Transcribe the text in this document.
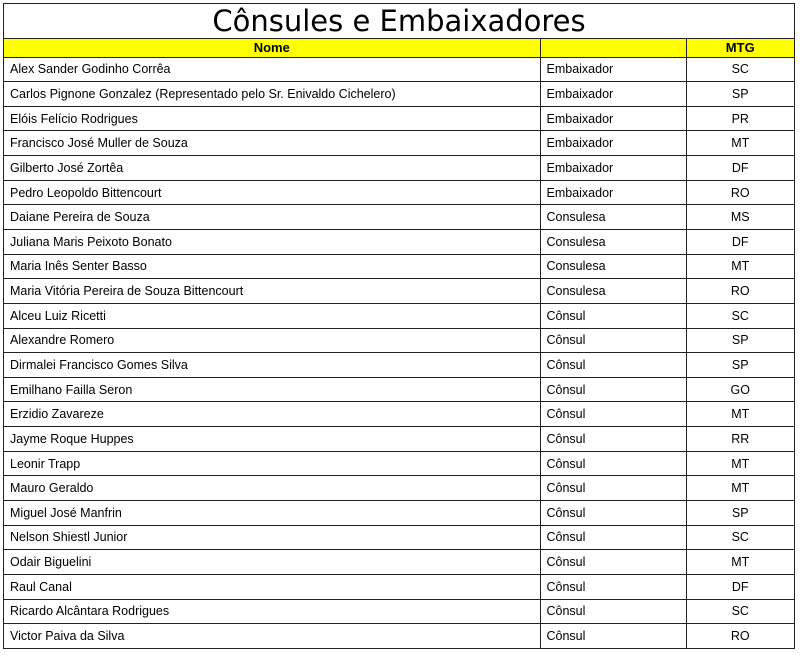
Cônsules e Embaixadores
Nome		MTG
Alex Sander Godinho Corrêa	Embaixador	SC
Carlos Pignone Gonzalez (Representado pelo Sr. Enivaldo Cichelero)	Embaixador	SP
Elóis Felício Rodrigues	Embaixador	PR
Francisco José Muller de Souza	Embaixador	MT
Gilberto José Zortêa	Embaixador	DF
Pedro Leopoldo Bittencourt	Embaixador	RO
Daiane Pereira de Souza	Consulesa	MS
Juliana Maris Peixoto Bonato	Consulesa	DF
Maria Inês Senter Basso	Consulesa	MT
Maria Vitória Pereira de Souza Bittencourt	Consulesa	RO
Alceu Luiz Ricetti	Cônsul	SC
Alexandre Romero	Cônsul	SP
Dirmalei Francisco Gomes Silva	Cônsul	SP
Emilhano Failla Seron	Cônsul	GO
Erzidio Zavareze	Cônsul	MT
Jayme Roque Huppes	Cônsul	RR
Leonir Trapp	Cônsul	MT
Mauro Geraldo	Cônsul	MT
Miguel José Manfrin	Cônsul	SP
Nelson Shiestl Junior	Cônsul	SC
Odair Biguelini	Cônsul	MT
Raul Canal	Cônsul	DF
Ricardo Alcântara Rodrigues	Cônsul	SC
Victor Paiva da Silva	Cônsul	RO
